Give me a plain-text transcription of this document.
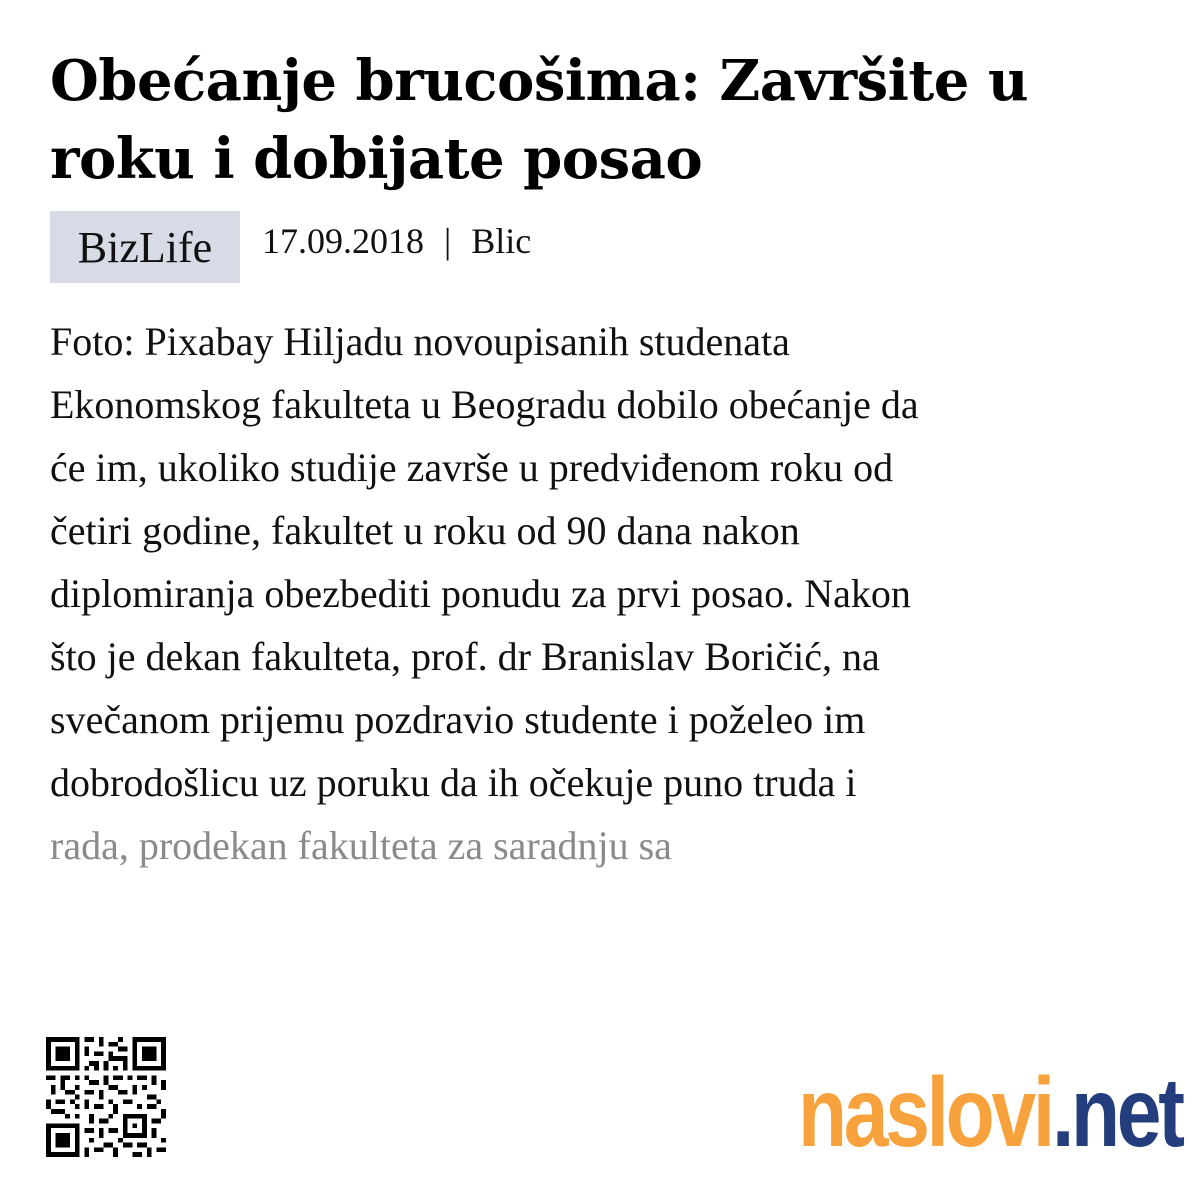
Obećanje brucošima: Završite u roku i dobijate posao
BizLife	17.09.2018 | Blic
Foto: Pixabay Hiljadu novoupisanih studenata
Ekonomskog fakulteta u Beogradu dobilo obećanje da
će im, ukoliko studije završe u predviđenom roku od
četiri godine, fakultet u roku od 90 dana nakon
diplomiranja obezbediti ponudu za prvi posao. Nakon
što je dekan fakulteta, prof. dr Branislav Boričić, na
svečanom prijemu pozdravio studente i poželeo im
dobrodošlicu uz poruku da ih očekuje puno truda i
rada, prodekan fakulteta za saradnju sa
naslovi.net
